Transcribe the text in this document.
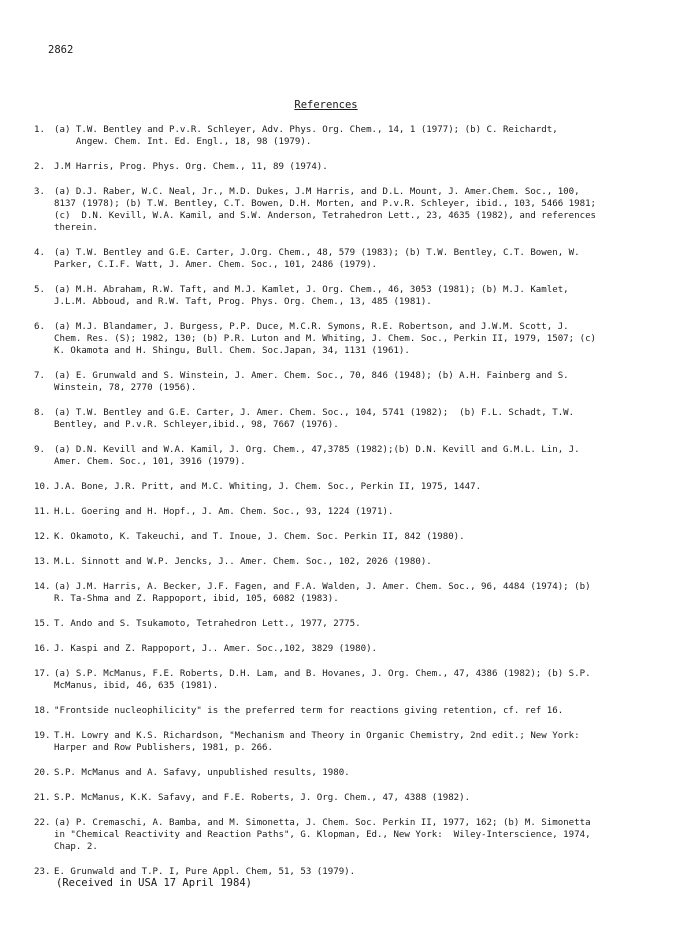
2862
References
1. (a) T.W. Bentley and P.v.R. Schleyer, Adv. Phys. Org. Chem., 14, 1 (1977); (b) C. Reichardt,
Angew. Chem. Int. Ed. Engl., 18, 98 (1979).
2. J.M Harris, Prog. Phys. Org. Chem., 11, 89 (1974).
3. (a) D.J. Raber, W.C. Neal, Jr., M.D. Dukes, J.M Harris, and D.L. Mount, J. Amer.Chem. Soc., 100,
8137 (1978); (b) T.W. Bentley, C.T. Bowen, D.H. Morten, and P.v.R. Schleyer, ibid., 103, 5466 1981;
(c)  D.N. Kevill, W.A. Kamil, and S.W. Anderson, Tetrahedron Lett., 23, 4635 (1982), and references
therein.
4. (a) T.W. Bentley and G.E. Carter, J.Org. Chem., 48, 579 (1983); (b) T.W. Bentley, C.T. Bowen, W.
Parker, C.I.F. Watt, J. Amer. Chem. Soc., 101, 2486 (1979).
5. (a) M.H. Abraham, R.W. Taft, and M.J. Kamlet, J. Org. Chem., 46, 3053 (1981); (b) M.J. Kamlet,
J.L.M. Abboud, and R.W. Taft, Prog. Phys. Org. Chem., 13, 485 (1981).
6. (a) M.J. Blandamer, J. Burgess, P.P. Duce, M.C.R. Symons, R.E. Robertson, and J.W.M. Scott, J.
Chem. Res. (S); 1982, 130; (b) P.R. Luton and M. Whiting, J. Chem. Soc., Perkin II, 1979, 1507; (c)
K. Okamota and H. Shingu, Bull. Chem. Soc.Japan, 34, 1131 (1961).
7. (a) E. Grunwald and S. Winstein, J. Amer. Chem. Soc., 70, 846 (1948); (b) A.H. Fainberg and S.
Winstein, 78, 2770 (1956).
8. (a) T.W. Bentley and G.E. Carter, J. Amer. Chem. Soc., 104, 5741 (1982);  (b) F.L. Schadt, T.W.
Bentley, and P.v.R. Schleyer,ibid., 98, 7667 (1976).
9. (a) D.N. Kevill and W.A. Kamil, J. Org. Chem., 47,3785 (1982);(b) D.N. Kevill and G.M.L. Lin, J.
Amer. Chem. Soc., 101, 3916 (1979).
10. J.A. Bone, J.R. Pritt, and M.C. Whiting, J. Chem. Soc., Perkin II, 1975, 1447.
11. H.L. Goering and H. Hopf., J. Am. Chem. Soc., 93, 1224 (1971).
12. K. Okamoto, K. Takeuchi, and T. Inoue, J. Chem. Soc. Perkin II, 842 (1980).
13. M.L. Sinnott and W.P. Jencks, J.. Amer. Chem. Soc., 102, 2026 (1980).
14. (a) J.M. Harris, A. Becker, J.F. Fagen, and F.A. Walden, J. Amer. Chem. Soc., 96, 4484 (1974); (b)
R. Ta-Shma and Z. Rappoport, ibid, 105, 6082 (1983).
15. T. Ando and S. Tsukamoto, Tetrahedron Lett., 1977, 2775.
16. J. Kaspi and Z. Rappoport, J.. Amer. Soc.,102, 3829 (1980).
17. (a) S.P. McManus, F.E. Roberts, D.H. Lam, and B. Hovanes, J. Org. Chem., 47, 4386 (1982); (b) S.P.
McManus, ibid, 46, 635 (1981).
18. "Frontside nucleophilicity" is the preferred term for reactions giving retention, cf. ref 16.
19. T.H. Lowry and K.S. Richardson, "Mechanism and Theory in Organic Chemistry, 2nd edit.; New York:
Harper and Row Publishers, 1981, p. 266.
20. S.P. McManus and A. Safavy, unpublished results, 1980.
21. S.P. McManus, K.K. Safavy, and F.E. Roberts, J. Org. Chem., 47, 4388 (1982).
22. (a) P. Cremaschi, A. Bamba, and M. Simonetta, J. Chem. Soc. Perkin II, 1977, 162; (b) M. Simonetta
in "Chemical Reactivity and Reaction Paths", G. Klopman, Ed., New York:  Wiley-Interscience, 1974,
Chap. 2.
23. E. Grunwald and T.P. I, Pure Appl. Chem, 51, 53 (1979).
(Received in USA 17 April 1984)
